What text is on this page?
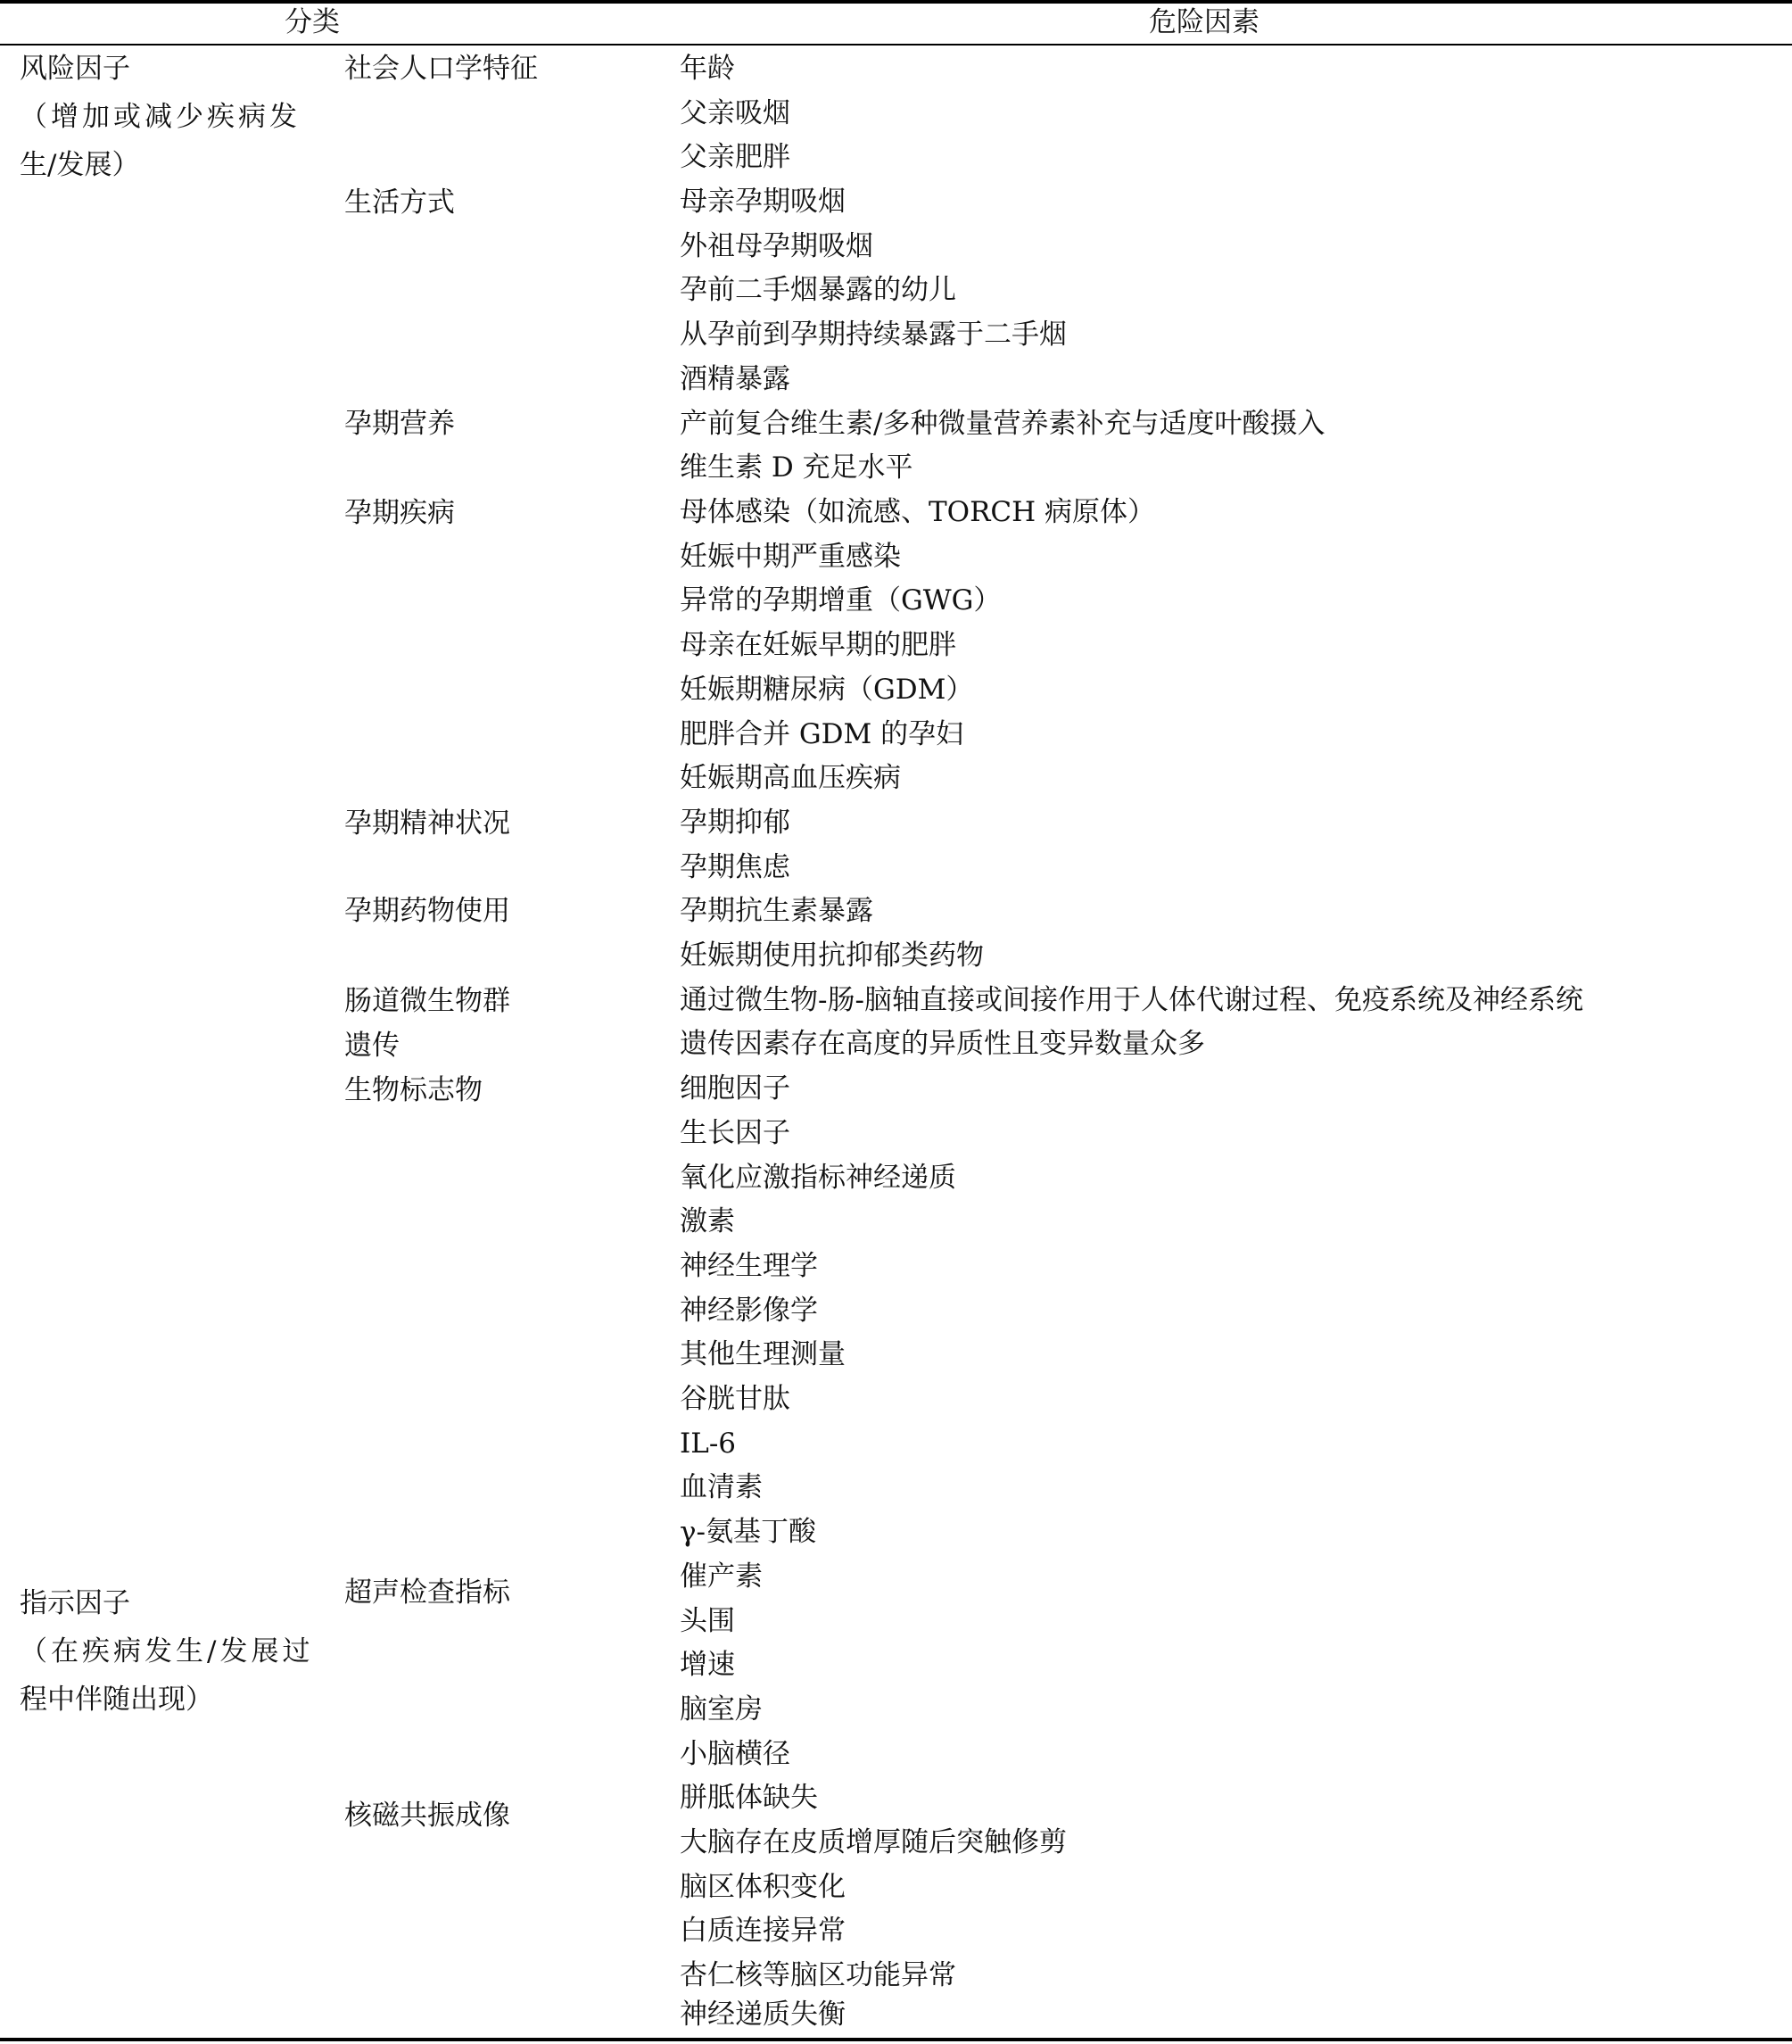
分类	危险因素
风险因子
（增加或减少疾病发
生/发展）
指示因子
（在疾病发生/发展过
程中伴随出现）
社会人口学特征
生活方式
孕期营养
孕期疾病
孕期精神状况
孕期药物使用
肠道微生物群
遗传
生物标志物
超声检查指标
核磁共振成像
年龄
父亲吸烟
父亲肥胖
母亲孕期吸烟
外祖母孕期吸烟
孕前二手烟暴露的幼儿
从孕前到孕期持续暴露于二手烟
酒精暴露
产前复合维生素/多种微量营养素补充与适度叶酸摄入
维生素 D 充足水平
母体感染（如流感、TORCH 病原体）
妊娠中期严重感染
异常的孕期增重（GWG）
母亲在妊娠早期的肥胖
妊娠期糖尿病（GDM）
肥胖合并 GDM 的孕妇
妊娠期高血压疾病
孕期抑郁
孕期焦虑
孕期抗生素暴露
妊娠期使用抗抑郁类药物
通过微生物-肠-脑轴直接或间接作用于人体代谢过程、免疫系统及神经系统
遗传因素存在高度的异质性且变异数量众多
细胞因子
生长因子
氧化应激指标神经递质
激素
神经生理学
神经影像学
其他生理测量
谷胱甘肽
IL-6
血清素
γ-氨基丁酸
催产素
头围
增速
脑室房
小脑横径
胼胝体缺失
大脑存在皮质增厚随后突触修剪
脑区体积变化
白质连接异常
杏仁核等脑区功能异常
神经递质失衡
